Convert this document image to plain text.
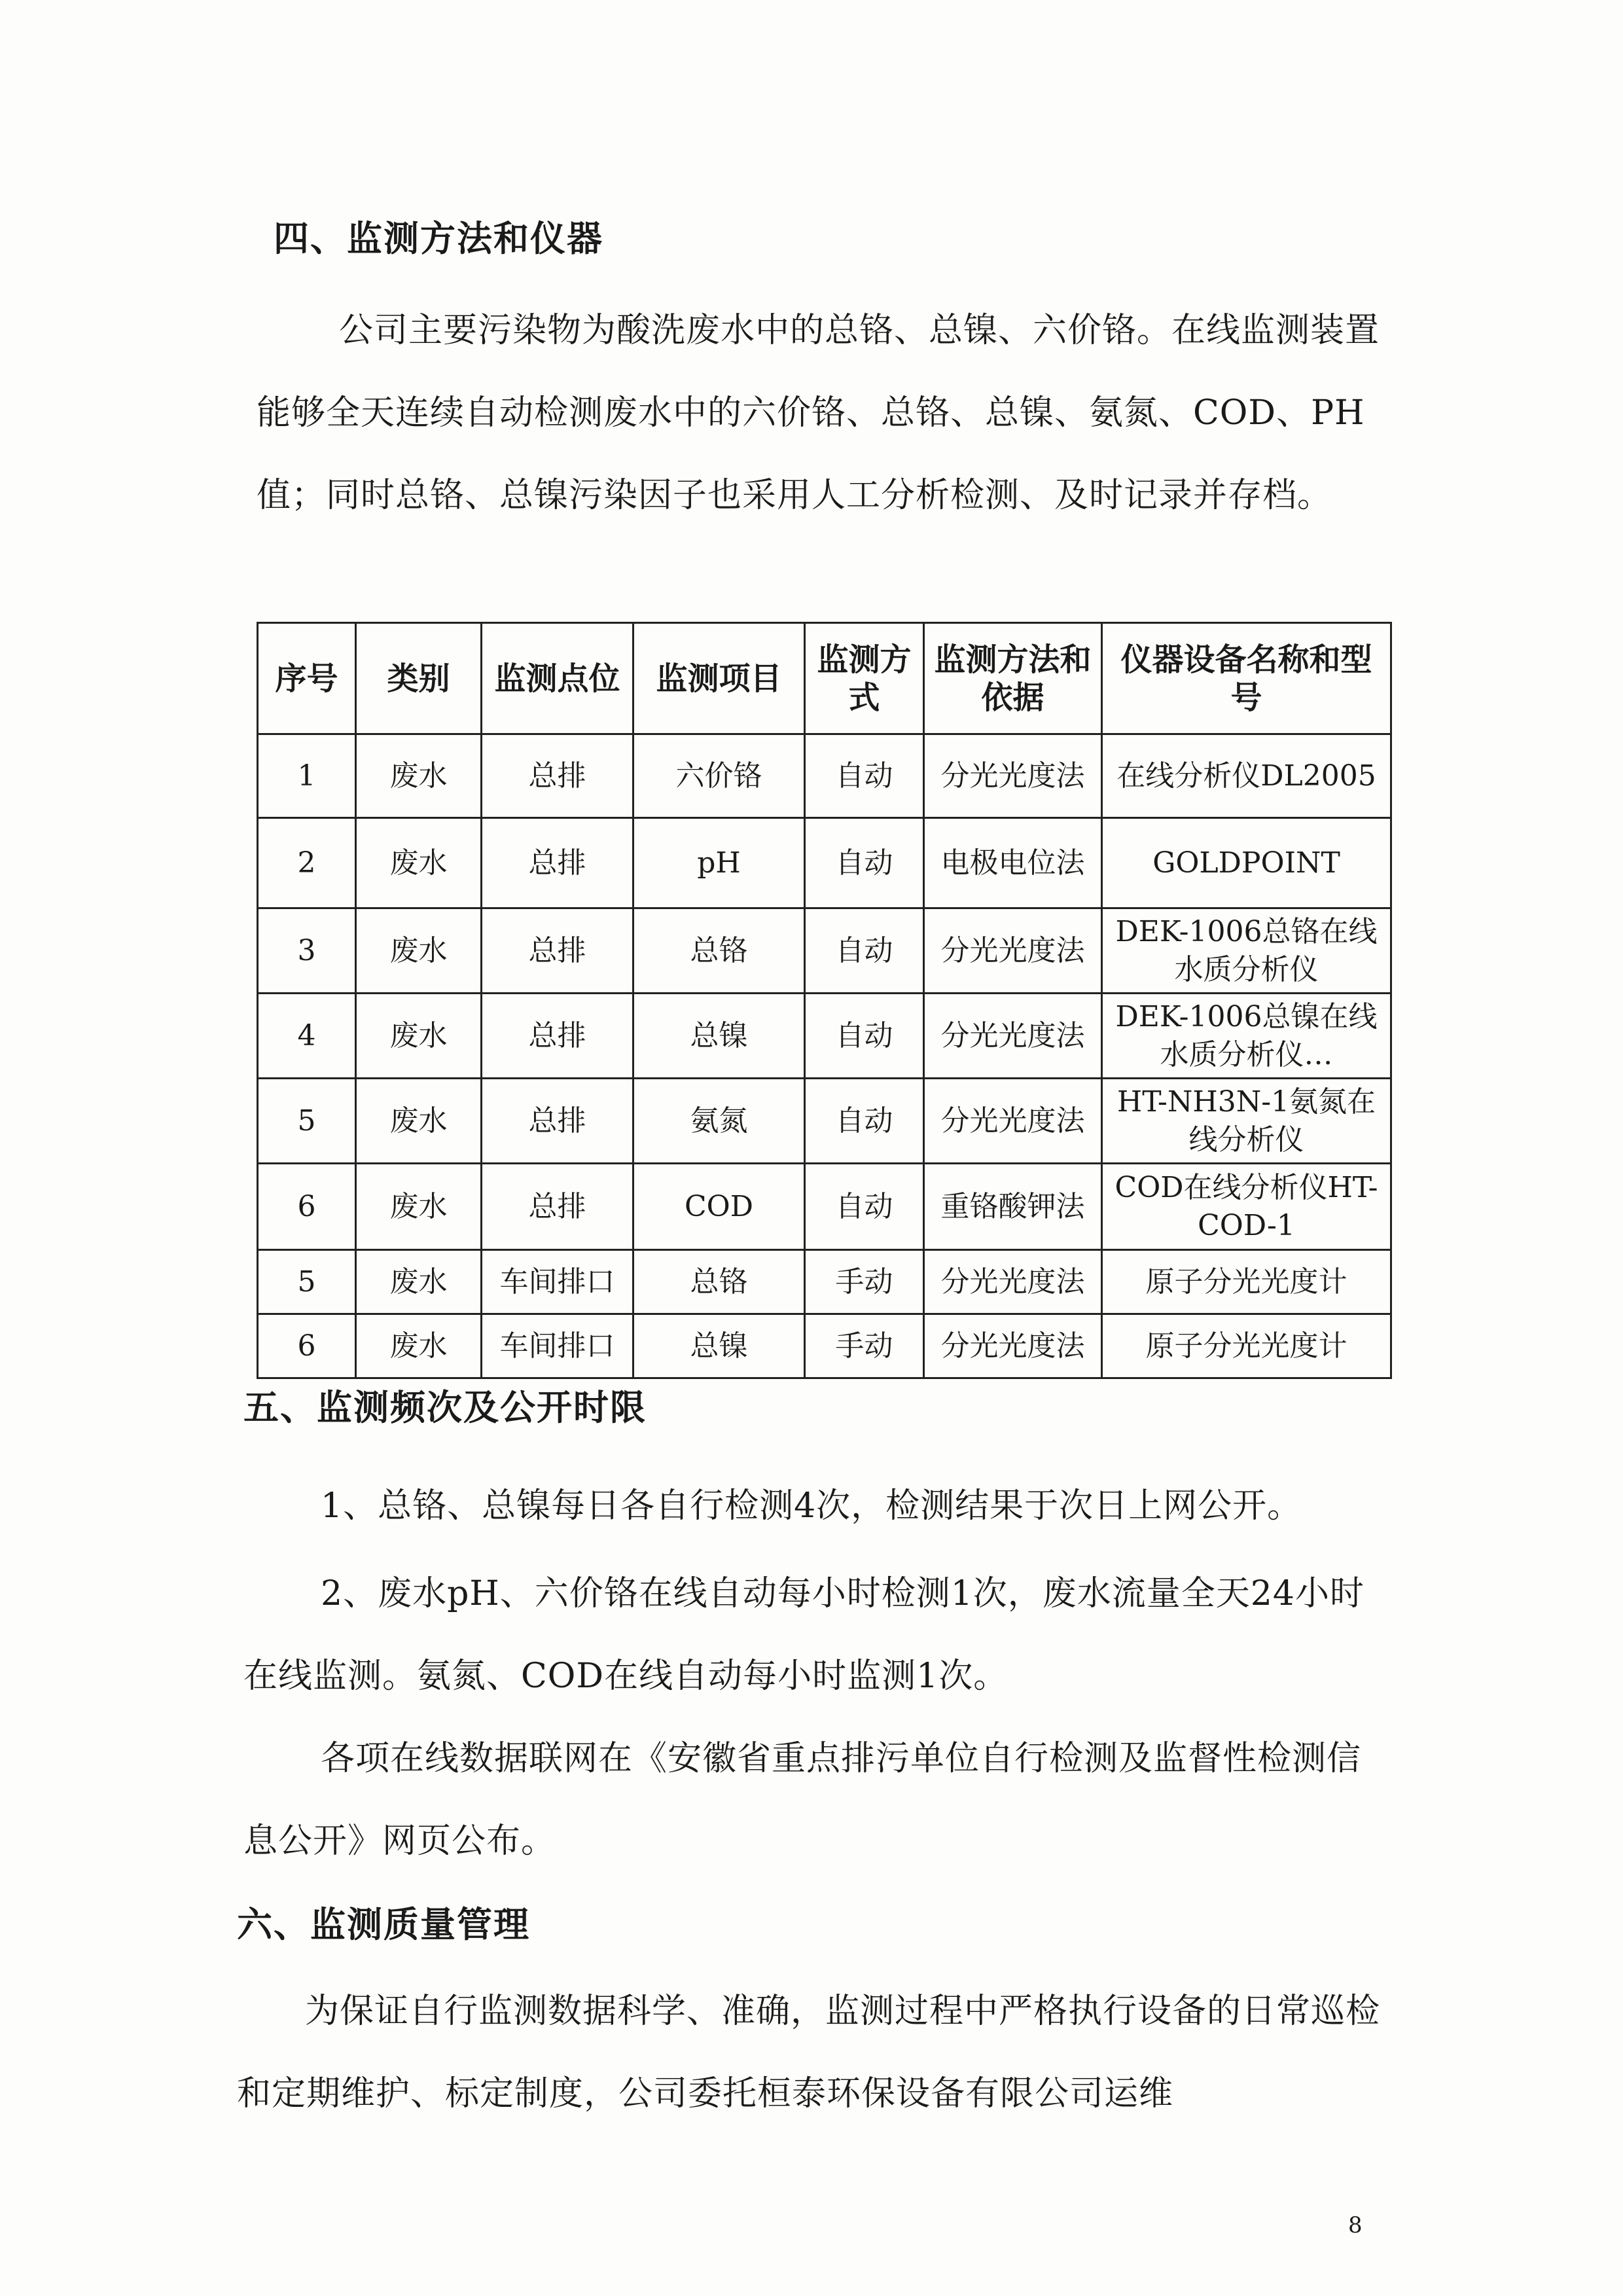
四、监测方法和仪器

公司主要污染物为酸洗废水中的总铬、总镍、六价铬。在线监测装置能够全天连续自动检测废水中的六价铬、总铬、总镍、氨氮、COD、PH值；同时总铬、总镍污染因子也采用人工分析检测、及时记录并存档。

序号	类别	监测点位	监测项目	监测方式	监测方法和依据	仪器设备名称和型号
1	废水	总排	六价铬	自动	分光光度法	在线分析仪DL2005
2	废水	总排	pH	自动	电极电位法	GOLDPOINT
3	废水	总排	总铬	自动	分光光度法	DEK-1006总铬在线水质分析仪
4	废水	总排	总镍	自动	分光光度法	DEK-1006总镍在线水质分析仪…
5	废水	总排	氨氮	自动	分光光度法	HT-NH3N-1氨氮在线分析仪
6	废水	总排	COD	自动	重铬酸钾法	COD在线分析仪HT-COD-1
5	废水	车间排口	总铬	手动	分光光度法	原子分光光度计
6	废水	车间排口	总镍	手动	分光光度法	原子分光光度计
五、监测频次及公开时限

1、总铬、总镍每日各自行检测4次，检测结果于次日上网公开。

2、废水pH、六价铬在线自动每小时检测1次，废水流量全天24小时在线监测。氨氮、COD在线自动每小时监测1次。

各项在线数据联网在《安徽省重点排污单位自行检测及监督性检测信息公开》网页公布。

六、监测质量管理

为保证自行监测数据科学、准确，监测过程中严格执行设备的日常巡检和定期维护、标定制度，公司委托桓泰环保设备有限公司运维

8
